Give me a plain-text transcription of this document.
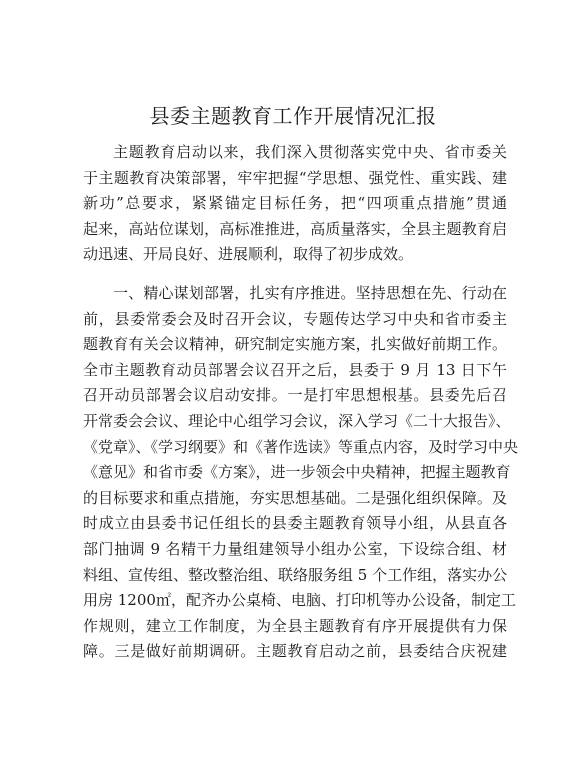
县委主题教育工作开展情况汇报

主题教育启动以来，我们深入贯彻落实党中央、省市委关
于主题教育决策部署，牢牢把握“学思想、强党性、重实践、建
新功”总要求，紧紧锚定目标任务，把“四项重点措施”贯通
起来，高站位谋划，高标准推进，高质量落实，全县主题教育启
动迅速、开局良好、进展顺利，取得了初步成效。

一、精心谋划部署，扎实有序推进。坚持思想在先、行动在
前，县委常委会及时召开会议，专题传达学习中央和省市委主
题教育有关会议精神，研究制定实施方案，扎实做好前期工作。
全市主题教育动员部署会议召开之后，县委于 9 月 13 日下午
召开动员部署会议启动安排。一是打牢思想根基。县委先后召
开常委会会议、理论中心组学习会议，深入学习《二十大报告》、
《党章》、《学习纲要》和《著作选读》等重点内容，及时学习中央
《意见》和省市委《方案》，进一步领会中央精神，把握主题教育
的目标要求和重点措施，夯实思想基础。二是强化组织保障。及
时成立由县委书记任组长的县委主题教育领导小组，从县直各
部门抽调 9 名精干力量组建领导小组办公室，下设综合组、材
料组、宣传组、整改整治组、联络服务组 5 个工作组，落实办公
用房 1200㎡，配齐办公桌椅、电脑、打印机等办公设备，制定工
作规则，建立工作制度，为全县主题教育有序开展提供有力保
障。三是做好前期调研。主题教育启动之前，县委结合庆祝建
